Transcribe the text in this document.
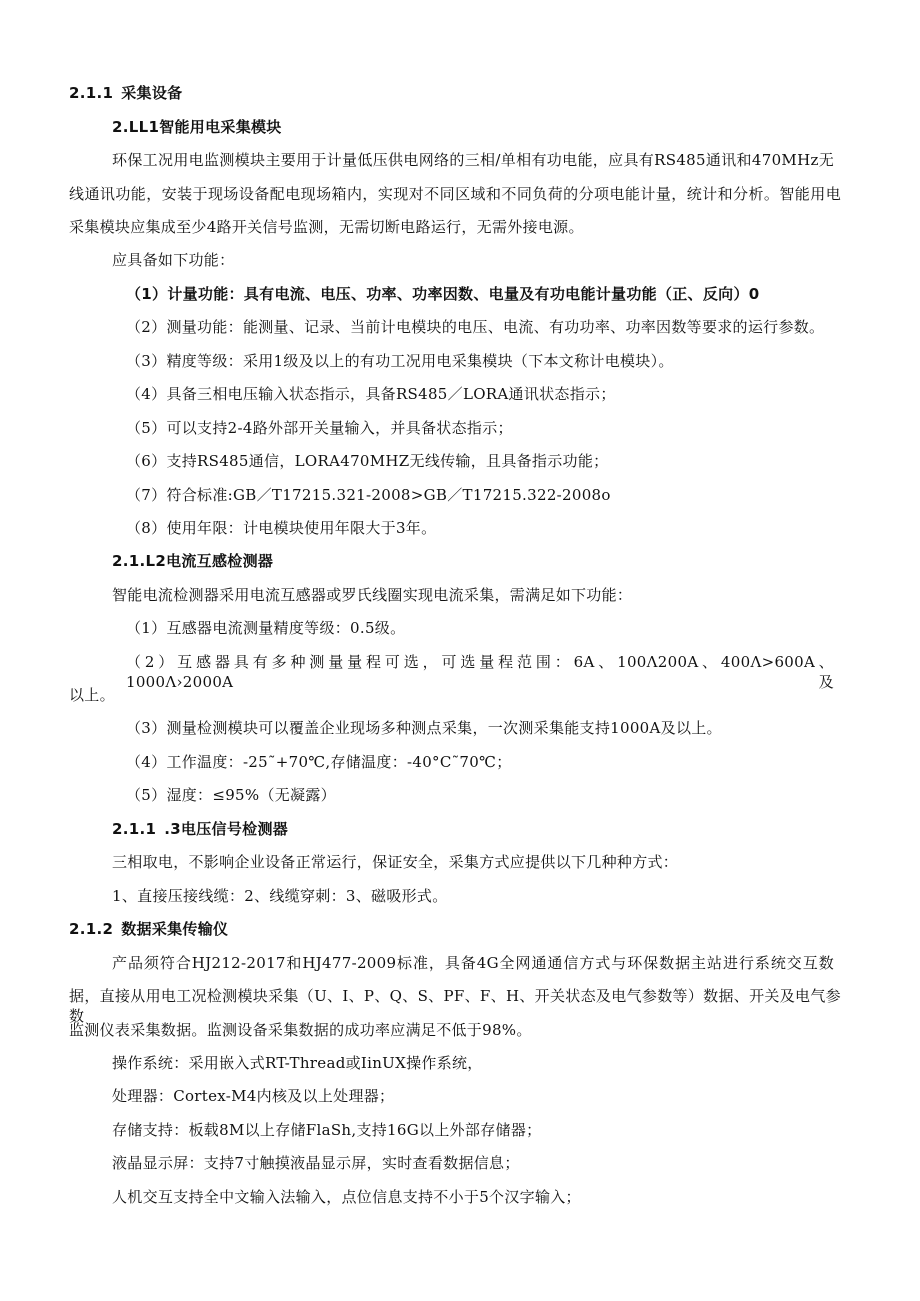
2.1.1 采集设备
2.LL1智能用电采集模块
环保工况用电监测模块主要用于计量低压供电网络的三相/单相有功电能，应具有RS485通讯和470MHz无
线通讯功能，安装于现场设备配电现场箱内，实现对不同区域和不同负荷的分项电能计量，统计和分析。智能用电
采集模块应集成至少4路开关信号监测，无需切断电路运行，无需外接电源。
应具备如下功能：
（1）计量功能：具有电流、电压、功率、功率因数、电量及有功电能计量功能（正、反向）0
（2）测量功能：能测量、记录、当前计电模块的电压、电流、有功功率、功率因数等要求的运行参数。
（3）精度等级：采用1级及以上的有功工况用电采集模块（下本文称计电模块）。
（4）具备三相电压输入状态指示，具备RS485／LORA通讯状态指示；
（5）可以支持2-4路外部开关量输入，并具备状态指示；
（6）支持RS485通信，LORA470MHZ无线传输，且具备指示功能；
（7）符合标准:GB／T17215.321-2008>GB／T17215.322-2008o
（8）使用年限：计电模块使用年限大于3年。
2.1.L2电流互感检测器
智能电流检测器采用电流互感器或罗氏线圈实现电流采集，需满足如下功能：
（1）互感器电流测量精度等级：0.5级。
（2）互感器具有多种测量量程可选，可选量程范围：6A、100Λ200A、400Λ>600A、1000Λ›2000A及
以上。
（3）测量检测模块可以覆盖企业现场多种测点采集，一次测采集能支持1000A及以上。
（4）工作温度：-25˜+70℃,存储温度：-40°C˜70℃；
（5）湿度：≤95%（无凝露）
2.1.1 .3电压信号检测器
三相取电，不影响企业设备正常运行，保证安全，采集方式应提供以下几种种方式：
1、直接压接线缆：2、线缆穿刺：3、磁吸形式。
2.1.2 数据采集传输仪
产品须符合HJ212-2017和HJ477-2009标准，具备4G全网通通信方式与环保数据主站进行系统交互数
据，直接从用电工况检测模块采集（U、I、P、Q、S、PF、F、H、开关状态及电气参数等）数据、开关及电气参数
监测仪表采集数据。监测设备采集数据的成功率应满足不低于98%。
操作系统：采用嵌入式RT-Thread或IinUX操作系统，
处理器：Cortex-M4内核及以上处理器；
存储支持：板载8M以上存储FlaSh,支持16G以上外部存储器；
液晶显示屏：支持7寸触摸液晶显示屏，实时查看数据信息；
人机交互支持全中文输入法输入，点位信息支持不小于5个汉字输入；
